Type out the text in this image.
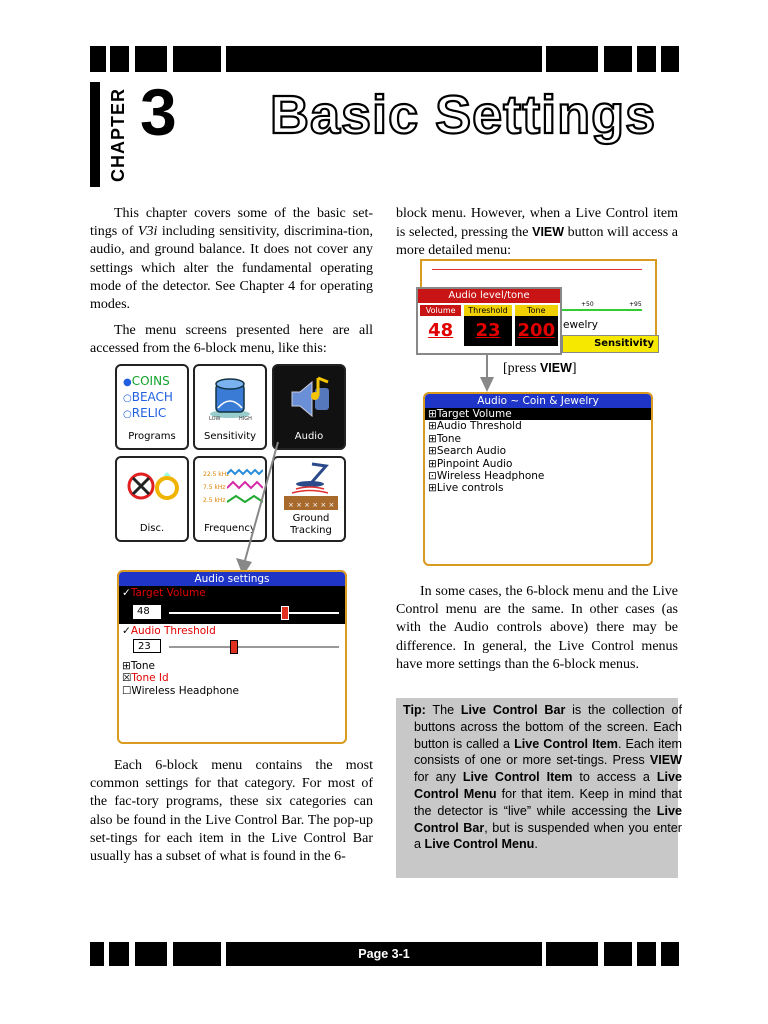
CHAPTER 3 Basic Settings

This chapter covers some of the basic set-tings of V3i including sensitivity, discrimina-tion, audio, and ground balance. It does not cover any settings which alter the fundamental operating mode of the detector. See Chapter 4 for operating modes.

The menu screens presented here are all accessed from the 6-block menu, like this:

●COINS
○BEACH
○RELIC
Programs
LOW	HIGH
Sensitivity	Audio
Disc.
22.5 kHz
7.5 kHz
2.5 kHz
Frequency
× × × × × ×
Ground Tracking
Audio settings
✓Target Volume
48
✓Audio Threshold
23
⊞Tone
☒Tone Id
☐Wireless Headphone

Each 6-block menu contains the most common settings for that category. For most of the fac-tory programs, these six categories can also be found in the Live Control Bar. The pop-up set-tings for each item in the Live Control Bar usually has a subset of what is found in the 6-

block menu. However, when a Live Control item is selected, pressing the VIEW button will access a more detailed menu:

+50	+95
ewelry
Sensitivity
Audio level/tone
Volume
48
Threshold
23
Tone
200
[press VIEW]
Audio ~ Coin & Jewelry
⊞Target Volume
⊞Audio Threshold
⊞Tone
⊞Search Audio
⊞Pinpoint Audio
⊡Wireless Headphone
⊞Live controls

In some cases, the 6-block menu and the Live Control menu are the same. In other cases (as with the Audio controls above) there may be difference. In general, the Live Control menus have more settings than the 6-block menus.

Tip: The Live Control Bar is the collection of buttons across the bottom of the screen. Each button is called a Live Control Item. Each item consists of one or more set-tings. Press VIEW for any Live Control Item to access a Live Control Menu for that item. Keep in mind that the detector is “live” while accessing the Live Control Bar, but is suspended when you enter a Live Control Menu.

Page 3-1
